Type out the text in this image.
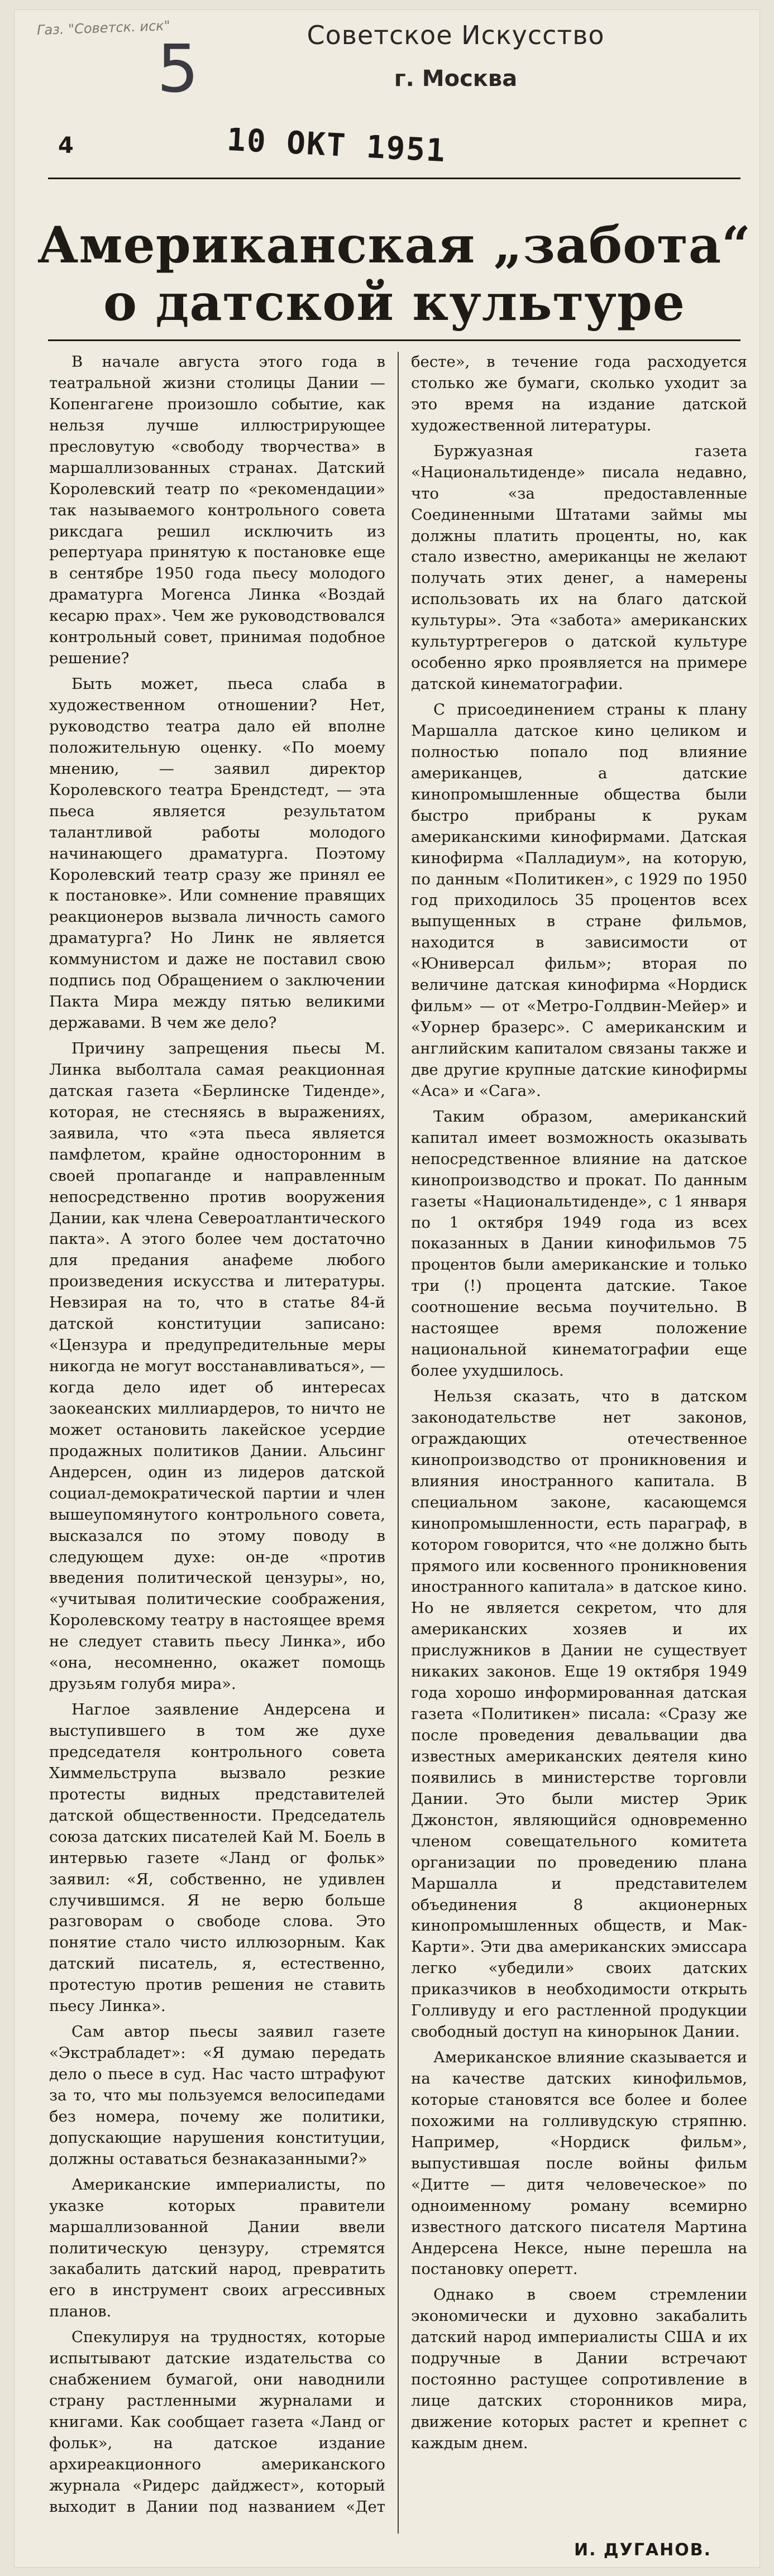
Газ. "Советск. иск"
5	Советское Искусство
г. Москва
4	10 ОКТ 1951
Американская „забота“
о датской культуре

В начале августа этого года в театральной жизни столицы Дании — Копенгагене произошло событие, как нельзя лучше иллюстрирующее пресловутую «свободу творчества» в маршаллизованных странах. Датский Королевский театр по «рекомендации» так называемого контрольного совета риксдага решил исключить из репертуара принятую к постановке еще в сентябре 1950 года пьесу молодого драматурга Могенса Линка «Воздай кесарю прах». Чем же руководствовался контрольный совет, принимая подобное решение?

Быть может, пьеса слаба в художественном отношении? Нет, руководство театра дало ей вполне положительную оценку. «По моему мнению, — заявил директор Королевского театра Брендстедт, — эта пьеса является результатом талантливой работы молодого начинающего драматурга. Поэтому Королевский театр сразу же принял ее к постановке». Или сомнение правящих реакционеров вызвала личность самого драматурга? Но Линк не является коммунистом и даже не поставил свою подпись под Обращением о заключении Пакта Мира между пятью великими державами. В чем же дело?

Причину запрещения пьесы М. Линка выболтала самая реакционная датская газета «Берлинске Тиденде», которая, не стесняясь в выражениях, заявила, что «эта пьеса является памфлетом, крайне односторонним в своей пропаганде и направленным непосредственно против вооружения Дании, как члена Североатлантического пакта». А этого более чем достаточно для предания анафеме любого произведения искусства и литературы. Невзирая на то, что в статье 84-й датской конституции записано: «Цензура и предупредительные меры никогда не могут восстанавливаться», — когда дело идет об интересах заокеанских миллиардеров, то ничто не может остановить лакейское усердие продажных политиков Дании. Альсинг Андерсен, один из лидеров датской социал-демократической партии и член вышеупомянутого контрольного совета, высказался по этому поводу в следующем духе: он-де «против введения политической цензуры», но, «учитывая политические соображения, Королевскому театру в настоящее время не следует ставить пьесу Линка», ибо «она, несомненно, окажет помощь друзьям голубя мира».

Наглое заявление Андерсена и выступившего в том же духе председателя контрольного совета Химмельструпа вызвало резкие протесты видных представителей датской общественности. Председатель союза датских писателей Кай М. Боель в интервью газете «Ланд ог фольк» заявил: «Я, собственно, не удивлен случившимся. Я не верю больше разговорам о свободе слова. Это понятие стало чисто иллюзорным. Как датский писатель, я, естественно, протестую против решения не ставить пьесу Линка».

Сам автор пьесы заявил газете «Экстрабладет»: «Я думаю передать дело о пьесе в суд. Нас часто штрафуют за то, что мы пользуемся велосипедами без номера, почему же политики, допускающие нарушения конституции, должны оставаться безнаказанными?»

Американские империалисты, по указке которых правители маршаллизованной Дании ввели политическую цензуру, стремятся закабалить датский народ, превратить его в инструмент своих агрессивных планов.

Спекулируя на трудностях, которые испытывают датские издательства со снабжением бумагой, они наводнили страну растленными журналами и книгами. Как сообщает газета «Ланд ог фольк», на датское издание архиреакционного американского журнала «Ридерс дайджест», который выходит в Дании под названием «Дет бесте», в течение года расходуется столько же бумаги, сколько уходит за это время на издание датской художественной литературы.

Буржуазная газета «Национальтиденде» писала недавно, что «за предоставленные Соединенными Штатами займы мы должны платить проценты, но, как стало известно, американцы не желают получать этих денег, а намерены использовать их на благо датской культуры». Эта «забота» американских культуртрегеров о датской культуре особенно ярко проявляется на примере датской кинематографии.

С присоединением страны к плану Маршалла датское кино целиком и полностью попало под влияние американцев, а датские кинопромышленные общества были быстро прибраны к рукам американскими кинофирмами. Датская кинофирма «Палладиум», на которую, по данным «Политикен», с 1929 по 1950 год приходилось 35 процентов всех выпущенных в стране фильмов, находится в зависимости от «Юниверсал фильм»; вторая по величине датская кинофирма «Нордиск фильм» — от «Метро-Голдвин-Мейер» и «Уорнер бразерс». С американским и английским капиталом связаны также и две другие крупные датские кинофирмы «Аса» и «Сага».

Таким образом, американский капитал имеет возможность оказывать непосредственное влияние на датское кинопроизводство и прокат. По данным газеты «Национальтиденде», с 1 января по 1 октября 1949 года из всех показанных в Дании кинофильмов 75 процентов были американские и только три (!) процента датские. Такое соотношение весьма поучительно. В настоящее время положение национальной кинематографии еще более ухудшилось.

Нельзя сказать, что в датском законодательстве нет законов, ограждающих отечественное кинопроизводство от проникновения и влияния иностранного капитала. В специальном законе, касающемся кинопромышленности, есть параграф, в котором говорится, что «не должно быть прямого или косвенного проникновения иностранного капитала» в датское кино. Но не является секретом, что для американских хозяев и их прислужников в Дании не существует никаких законов. Еще 19 октября 1949 года хорошо информированная датская газета «Политикен» писала: «Сразу же после проведения девальвации два известных американских деятеля кино появились в министерстве торговли Дании. Это были мистер Эрик Джонстон, являющийся одновременно членом совещательного комитета организации по проведению плана Маршалла и представителем объединения 8 акционерных кинопромышленных обществ, и Мак-Карти». Эти два американских эмиссара легко «убедили» своих датских приказчиков в необходимости открыть Голливуду и его растленной продукции свободный доступ на кинорынок Дании.

Американское влияние сказывается и на качестве датских кинофильмов, которые становятся все более и более похожими на голливудскую стряпню. Например, «Нордиск фильм», выпустившая после войны фильм «Дитте — дитя человеческое» по одноименному роману всемирно известного датского писателя Мартина Андерсена Нексе, ныне перешла на постановку оперетт.

Однако в своем стремлении экономически и духовно закабалить датский народ империалисты США и их подручные в Дании встречают постоянно растущее сопротивление в лице датских сторонников мира, движение которых растет и крепнет с каждым днем.

И. ДУГАНОВ.
